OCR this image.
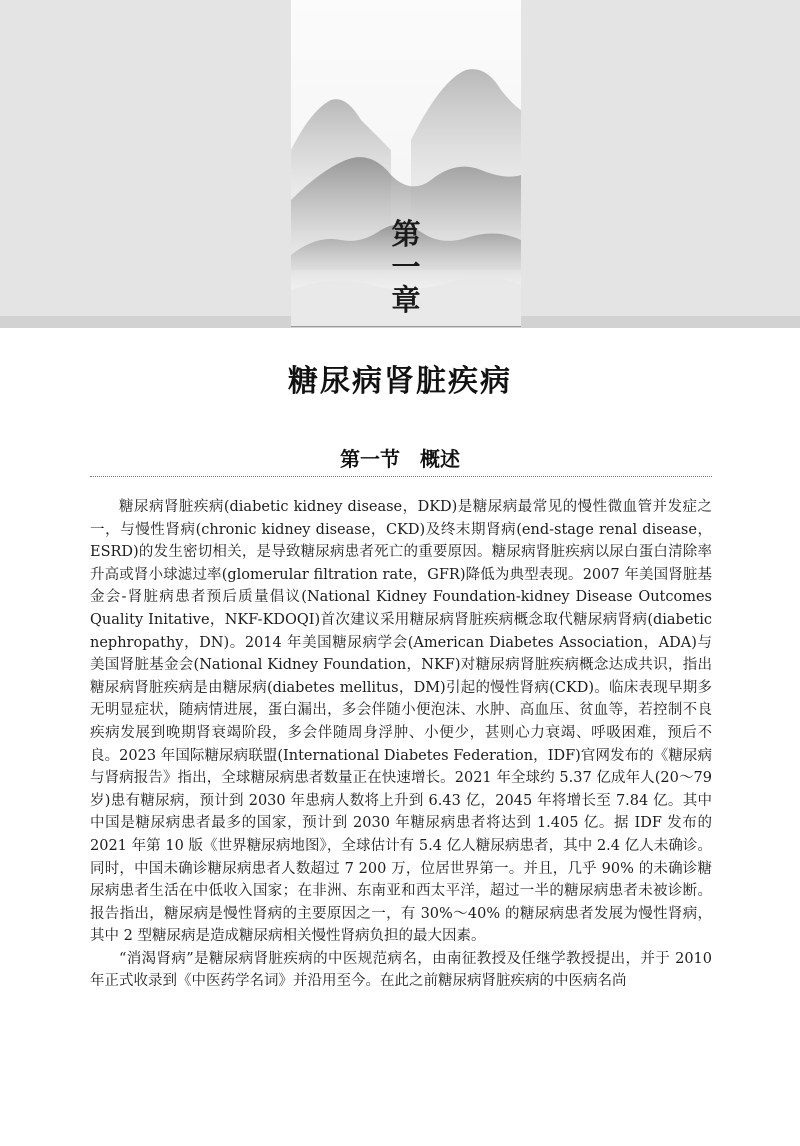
第
一
章
糖尿病肾脏疾病
第一节　概述

糖尿病肾脏疾病(diabetic kidney disease，DKD)是糖尿病最常见的慢性微血管并发症之一，与慢性肾病(chronic kidney disease，CKD)及终末期肾病(end-stage renal disease，ESRD)的发生密切相关，是导致糖尿病患者死亡的重要原因。糖尿病肾脏疾病以尿白蛋白清除率升高或肾小球滤过率(glomerular filtration rate，GFR)降低为典型表现。2007 年美国肾脏基金会-肾脏病患者预后质量倡议(National Kidney Foundation-kidney Disease Outcomes Quality Initative，NKF-KDOQI)首次建议采用糖尿病肾脏疾病概念取代糖尿病肾病(diabetic nephropathy，DN)。2014 年美国糖尿病学会(American Diabetes Association，ADA)与美国肾脏基金会(National Kidney Foundation，NKF)对糖尿病肾脏疾病概念达成共识，指出糖尿病肾脏疾病是由糖尿病(diabetes mellitus，DM)引起的慢性肾病(CKD)。临床表现早期多无明显症状，随病情进展，蛋白漏出，多会伴随小便泡沫、水肿、高血压、贫血等，若控制不良疾病发展到晚期肾衰竭阶段，多会伴随周身浮肿、小便少，甚则心力衰竭、呼吸困难，预后不良。2023 年国际糖尿病联盟(International Diabetes Federation，IDF)官网发布的《糖尿病与肾病报告》指出，全球糖尿病患者数量正在快速增长。2021 年全球约 5.37 亿成年人(20～79 岁)患有糖尿病，预计到 2030 年患病人数将上升到 6.43 亿，2045 年将增长至 7.84 亿。其中中国是糖尿病患者最多的国家，预计到 2030 年糖尿病患者将达到 1.405 亿。据 IDF 发布的 2021 年第 10 版《世界糖尿病地图》，全球估计有 5.4 亿人糖尿病患者，其中 2.4 亿人未确诊。同时，中国未确诊糖尿病患者人数超过 7 200 万，位居世界第一。并且，几乎 90% 的未确诊糖尿病患者生活在中低收入国家；在非洲、东南亚和西太平洋，超过一半的糖尿病患者未被诊断。报告指出，糖尿病是慢性肾病的主要原因之一，有 30%～40% 的糖尿病患者发展为慢性肾病，其中 2 型糖尿病是造成糖尿病相关慢性肾病负担的最大因素。

“消渴肾病”是糖尿病肾脏疾病的中医规范病名，由南征教授及任继学教授提出，并于 2010 年正式收录到《中医药学名词》并沿用至今。在此之前糖尿病肾脏疾病的中医病名尚
